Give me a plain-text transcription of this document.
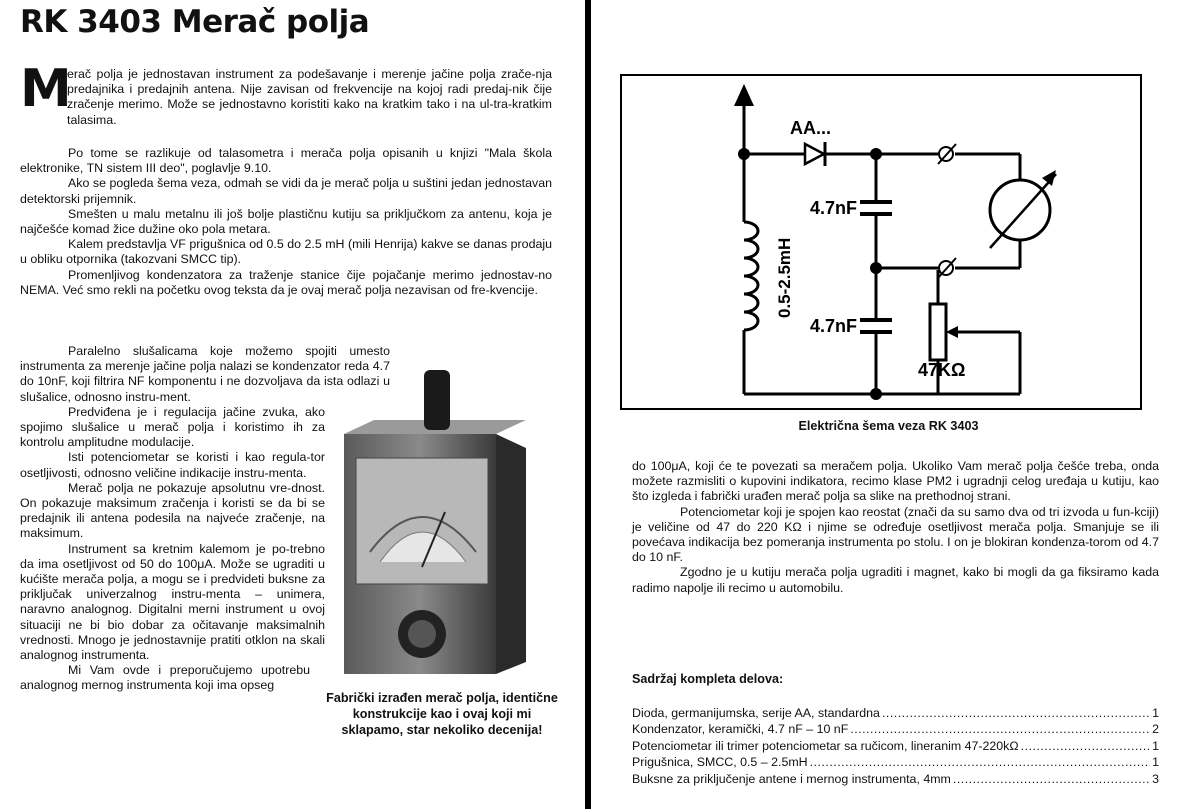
RK 3403 Merač polja
M

erač polja je jednostavan instrument za podešavanje i merenje jačine polja zrače-nja predajnika i predajnih antena. Nije zavisan od frekvencije na kojoj radi predaj-nik čije zračenje merimo. Može se jednostavno koristiti kako na kratkim tako i na ul-tra-kratkim talasima.

Po tome se razlikuje od talasometra i merača polja opisanih u knjizi "Mala škola elektronike, TN sistem III deo", poglavlje 9.10.

Ako se pogleda šema veza, odmah se vidi da je merač polja u suštini jedan jednostavan detektorski prijemnik.

Smešten u malu metalnu ili još bolje plastičnu kutiju sa priključkom za antenu, koja je najčešće komad žice dužine oko pola metara.

Kalem predstavlja VF prigušnica od 0.5 do 2.5 mH (mili Henrija) kakve se danas prodaju u obliku otpornika (takozvani SMCC tip).

Promenljivog kondenzatora za traženje stanice čije pojačanje merimo jednostav-no NEMA. Već smo rekli na početku ovog teksta da je ovaj merač polja nezavisan od fre-kvencije.

Paralelno slušalicama koje možemo spojiti umesto instrumenta za merenje jačine polja nalazi se kondenzator reda 4.7 do 10nF, koji filtrira NF komponentu i ne dozvoljava da ista odlazi u slušalice, odnosno instru-ment.

Predviđena je i regulacija jačine zvuka, ako spojimo slušalice u merač polja i koristimo ih za kontrolu amplitudne modulacije.

Isti potenciometar se koristi i kao regula-tor osetljivosti, odnosno veličine indikacije instru-menta.

Merač polja ne pokazuje apsolutnu vre-dnost. On pokazuje maksimum zračenja i koristi se da bi se predajnik ili antena podesila na najveće zračenje, na maksimum.

Instrument sa kretnim kalemom je po-trebno da ima osetljivost od 50 do 100μA. Može se ugraditi u kućište merača polja, a mogu se i predvideti buksne za priključak univerzalnog instru-menta – unimera, naravno analognog. Digitalni merni instrument u ovoj situaciji ne bi bio dobar za očitavanje maksimalnih vrednosti. Mnogo je jednostavnije pratiti otklon na skali analognog instrumenta.

Mi Vam ovde i preporučujemo upotrebu analognog mernog instrumenta koji ima opseg

Fabrički izrađen merač polja, identične konstrukcije kao i ovaj koji mi sklapamo, star nekoliko decenija!
AA...
4.7nF
4.7nF
47KΩ
0.5-2.5mH
Električna šema veza RK 3403

do 100μA, koji će te povezati sa meračem polja. Ukoliko Vam merač polja češće treba, onda možete razmisliti o kupovini indikatora, recimo klase PM2 i ugradnji celog uređaja u kutiju, kao što izgleda i fabrički urađen merač polja sa slike na prethodnoj strani.

Potenciometar koji je spojen kao reostat (znači da su samo dva od tri izvoda u fun-kciji) je veličine od 47 do 220 KΩ i njime se određuje osetljivost merača polja. Smanjuje se ili povećava indikacija bez pomeranja instrumenta po stolu. I on je blokiran kondenza-torom od 4.7 do 10 nF.

Zgodno je u kutiju merača polja ugraditi i magnet, kako bi mogli da ga fiksiramo kada radimo napolje ili recimo u automobilu.

Sadržaj kompleta delova:
Dioda, germanijumska, serije AA, standardna .....	1
Kondenzator, keramički, 4.7 nF – 10 nF .....	2
Potenciometar ili trimer potenciometar sa ručicom, lineranim 47-220kΩ .....	1
Prigušnica, SMCC, 0.5 – 2.5mH .....	1
Buksne za priključenje antene i mernog instrumenta, 4mm .....	3
